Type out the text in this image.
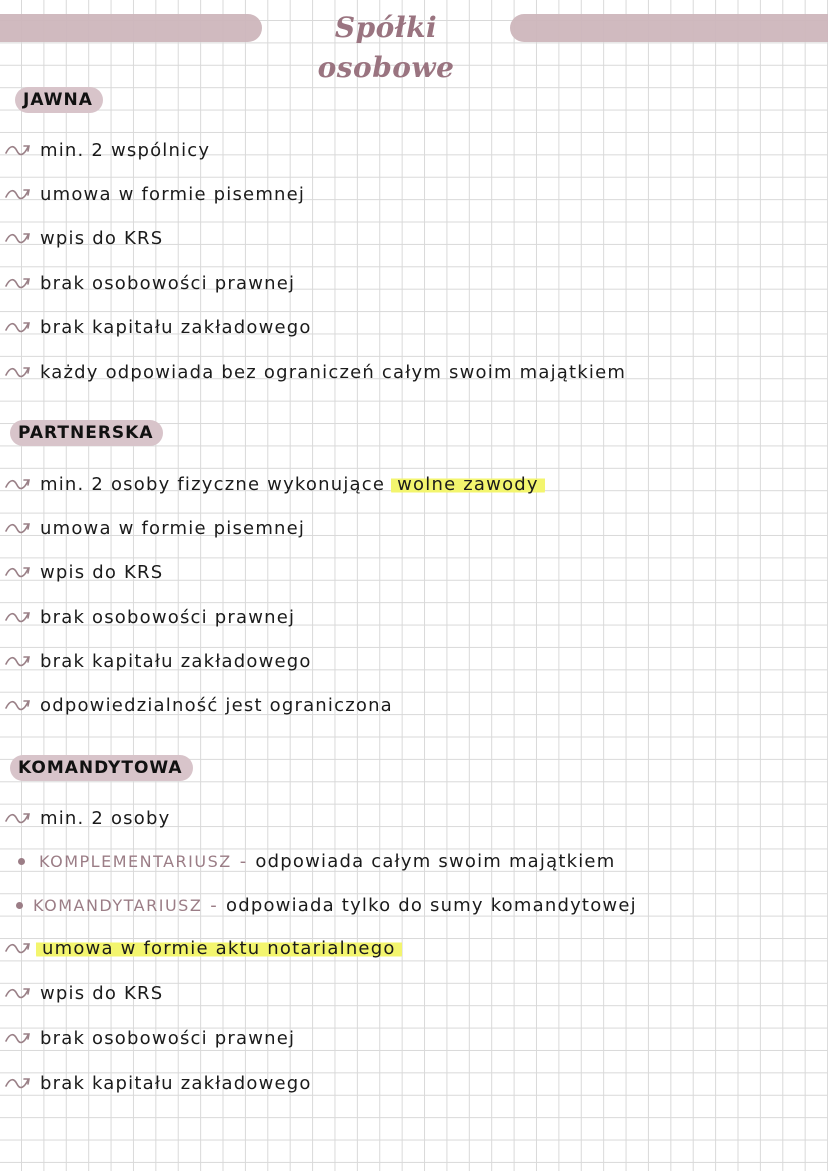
Spółki osobowe
JAWNA
min. 2 wspólnicy
umowa w formie pisemnej
wpis do KRS
brak osobowości prawnej
brak kapitału zakładowego
każdy odpowiada bez ograniczeń całym swoim majątkiem
PARTNERSKA
min. 2 osoby fizyczne wykonujące wolne zawody
umowa w formie pisemnej
wpis do KRS
brak osobowości prawnej
brak kapitału zakładowego
odpowiedzialność jest ograniczona
KOMANDYTOWA
min. 2 osoby
KOMPLEMENTARIUSZ - odpowiada całym swoim majątkiem
KOMANDYTARIUSZ - odpowiada tylko do sumy komandytowej
umowa w formie aktu notarialnego
wpis do KRS
brak osobowości prawnej
brak kapitału zakładowego
